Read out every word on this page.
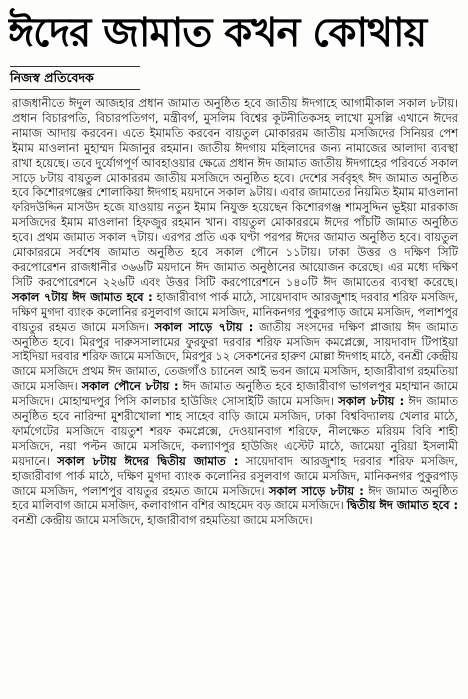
ঈদের জামাত কখন কোথায়
নিজস্ব প্রতিবেদক
রাজধানীতে ঈদুল আজহার প্রধান জামাত অনুষ্ঠিত হবে জাতীয় ঈদগাহে আগামীকাল সকাল ৮টায়। প্রধান বিচারপতি, বিচারপতিগণ, মন্ত্রীবর্গ, মুসলিম বিশ্বের কূটনীতিকসহ লাখো মুসল্লি এখানে ঈদের নামাজ আদায় করবেন। এতে ইমামতি করবেন বায়তুল মোকাররম জাতীয় মসজিদের সিনিয়র পেশ ইমাম মাওলানা মুহাম্মদ মিজানুর রহমান। জাতীয় ঈদগায় মহিলাদের জন্য নামাজের আলাদা ব্যবস্থা রাখা হয়েছে। তবে দুর্যোগপূর্ণ আবহাওয়ার ক্ষেত্রে প্রধান ঈদ জামাত জাতীয় ঈদগাহের পরিবর্তে সকাল সাড়ে ৮টায় বায়তুল মোকাররম জাতীয় মসজিদে অনুষ্ঠিত হবে। দেশের সর্ববৃহৎ ঈদ জামাত অনুষ্ঠিত হবে কিশোরগঞ্জের শোলাকিয়া ঈদগাহ ময়দানে সকাল ৯টায়। এবার জামাতের নিয়মিত ইমাম মাওলানা ফরিদউদ্দিন মাসউদ হজে যাওয়ায় নতুন ইমাম নিযুক্ত হয়েছেন কিশোরগঞ্জ শামসুদ্দিন ভূইয়া মারকাজ মসজিদের ইমাম মাওলানা হিফজুর রহমান খান। বায়তুল মোকাররমে ঈদের পাঁচটি জামাত অনুষ্ঠিত হবে। প্রথম জামাত সকাল ৭টায়। এরপর প্রতি এক ঘণ্টা পরপর ঈদের জামাত অনুষ্ঠিত হবে। বায়তুল মোকাররমে সর্বশেষ জামাত অনুষ্ঠিত হবে সকাল পৌনে ১১টায়। ঢাকা উত্তর ও দক্ষিণ সিটি করপোরেশন রাজধানীর ৩৬৬টি ময়দানে ঈদ জামাত অনুষ্ঠানের আয়োজন করেছে। এর মধ্যে দক্ষিণ সিটি করপোরেশনে ২২৬টি এবং উত্তর সিটি করপোরেশনে ১৪০টি ঈদ জামাতের ব্যবস্থা করেছে। সকাল ৭টায় ঈদ জামাত হবে : হাজারীবাগ পার্ক মাঠে, সায়েদাবাদ আরজুশাহ দরবার শরিফ মসজিদ, দক্ষিণ মুগদা ব্যাংক কলোনির রসুলবাগ জামে মসজিদ, মানিকনগর পুকুরপাড় জামে মসজিদ, পলাশপুর বায়তুর রহমত জামে মসজিদ। সকাল সাড়ে ৭টায় : জাতীয় সংসদের দক্ষিণ প্লাজায় ঈদ জামাত অনুষ্ঠিত হবে। মিরপুর দারুসসালামের ফুরফুরা দরবার শরিফ মসজিদ কমপ্লেক্সে, সায়দাবাদ টিপাইয়া সাইদিয়া দরবার শরিফ জামে মসজিদে, মিরপুর ১২ সেকশনের হারুণ মোল্লা ঈদগাহ মাঠে, বনশ্রী কেন্দ্রীয় জামে মসজিদে প্রথম ঈদ জামাত, তেজগাঁও চ্যানেল আই ভবন জামে মসজিদ, হাজারীবাগ রহমতিয়া জামে মসজিদ। সকাল পৌনে ৮টায় : ঈদ জামাত অনুষ্ঠিত হবে হাজারীবাগ ভাগলপুর মহাম্মান জামে মসজিদে। মোহাম্মদপুর পিসি কালচার হাউজিং সোসাইটি জামে মসজিদ। সকাল ৮টায় : ঈদ জামাত অনুষ্ঠিত হবে নারিন্দা মুশরীখোলা শাহ সাহেব বাড়ি জামে মসজিদ, ঢাকা বিশ্ববিদ্যালয় খেলার মাঠে, ফার্মগেটের মসজিদে বায়তুশ শরফ কমপ্লেক্সে, দেওয়ানবাগ শরিফে, নীলক্ষেত মরিয়ম বিবি শাহী মসজিদে, নয়া পল্টন জামে মসজিদে, কল্যাণপুর হাউজিং এস্টেট মাঠে, জামেয়া নুরিয়া ইসলামী ময়দানে। সকাল ৮টায় ঈদের দ্বিতীয় জামাত : সায়েদাবাদ আরজুশাহ দরবার শরিফ মসজিদ, হাজারীবাগ পার্ক মাঠে, দক্ষিণ মুগদা ব্যাংক কলোনির রসুলবাগ জামে মসজিদ, মানিকনগর পুকুরপাড় জামে মসজিদ, পলাশপুর বায়তুর রহমত জামে মসজিদে। সকাল সাড়ে ৮টায় : ঈদ জামাত অনুষ্ঠিত হবে মালিবাগ জামে মসজিদ, কলাবাগান বশির আহমেদ বড় জামে মসজিদে। দ্বিতীয় ঈদ জামাত হবে : বনশ্রী কেন্দ্রীয় জামে মসজিদে, হাজারীবাগ রহমতিয়া জামে মসজিদে।
